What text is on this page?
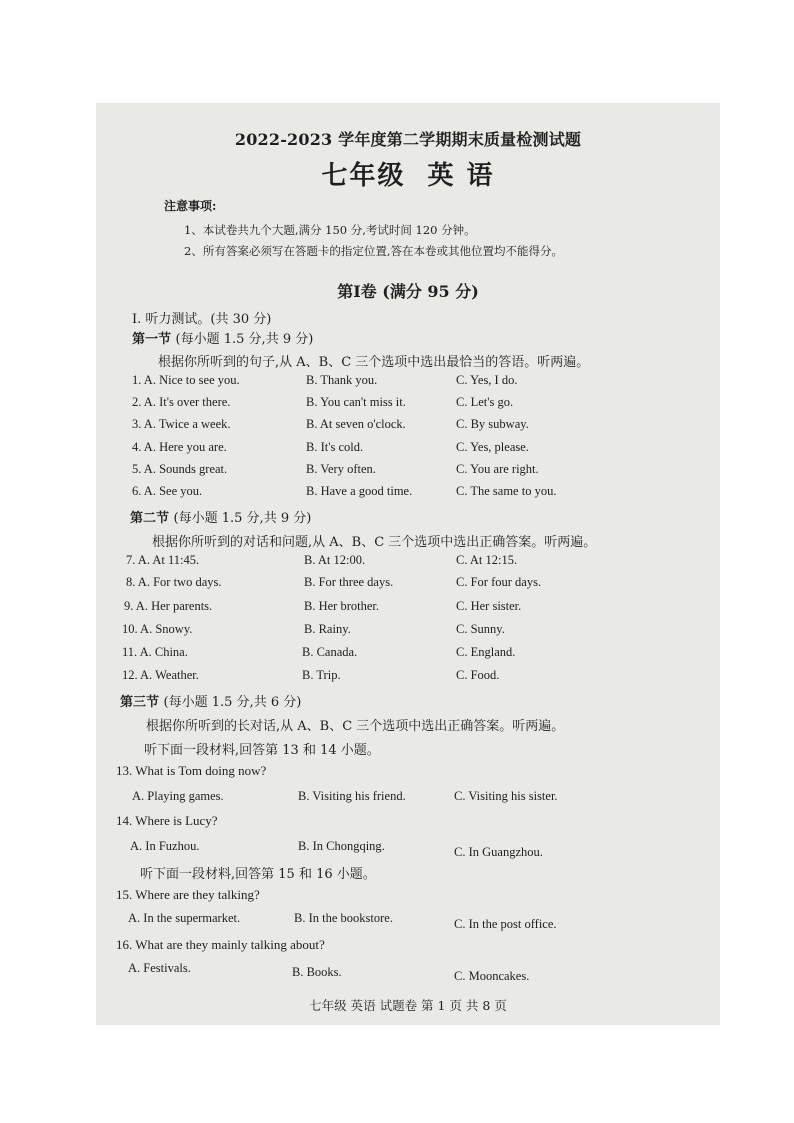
2022-2023 学年度第二学期期末质量检测试题
七年级 英 语
注意事项:
1、本试卷共九个大题,满分 150 分,考试时间 120 分钟。
2、所有答案必须写在答题卡的指定位置,答在本卷或其他位置均不能得分。
第Ⅰ卷 (满分 95 分)
Ⅰ. 听力测试。(共 30 分)
第一节 (每小题 1.5 分,共 9 分)
根据你所听到的句子,从 A、B、C 三个选项中选出最恰当的答语。听两遍。
1. A. Nice to see you.	B. Thank you.	C. Yes, I do.
2. A. It's over there.	B. You can't miss it.	C. Let's go.
3. A. Twice a week.	B. At seven o'clock.	C. By subway.
4. A. Here you are.	B. It's cold.	C. Yes, please.
5. A. Sounds great.	B. Very often.	C. You are right.
6. A. See you.	B. Have a good time.	C. The same to you.
第二节 (每小题 1.5 分,共 9 分)
根据你所听到的对话和问题,从 A、B、C 三个选项中选出正确答案。听两遍。
7. A. At 11:45.	B. At 12:00.	C. At 12:15.
8. A. For two days.	B. For three days.	C. For four days.
9. A. Her parents.	B. Her brother.	C. Her sister.
10. A. Snowy.	B. Rainy.	C. Sunny.
11. A. China.	B. Canada.	C. England.
12. A. Weather.	B. Trip.	C. Food.
第三节 (每小题 1.5 分,共 6 分)
根据你所听到的长对话,从 A、B、C 三个选项中选出正确答案。听两遍。
听下面一段材料,回答第 13 和 14 小题。
13. What is Tom doing now?
A. Playing games.	B. Visiting his friend.	C. Visiting his sister.
14. Where is Lucy?
A. In Fuzhou.	B. In Chongqing.	C. In Guangzhou.
听下面一段材料,回答第 15 和 16 小题。
15. Where are they talking?
A. In the supermarket.	B. In the bookstore.	C. In the post office.
16. What are they mainly talking about?
A. Festivals.	B. Books.	C. Mooncakes.
七年级 英语 试题卷 第 1 页 共 8 页
